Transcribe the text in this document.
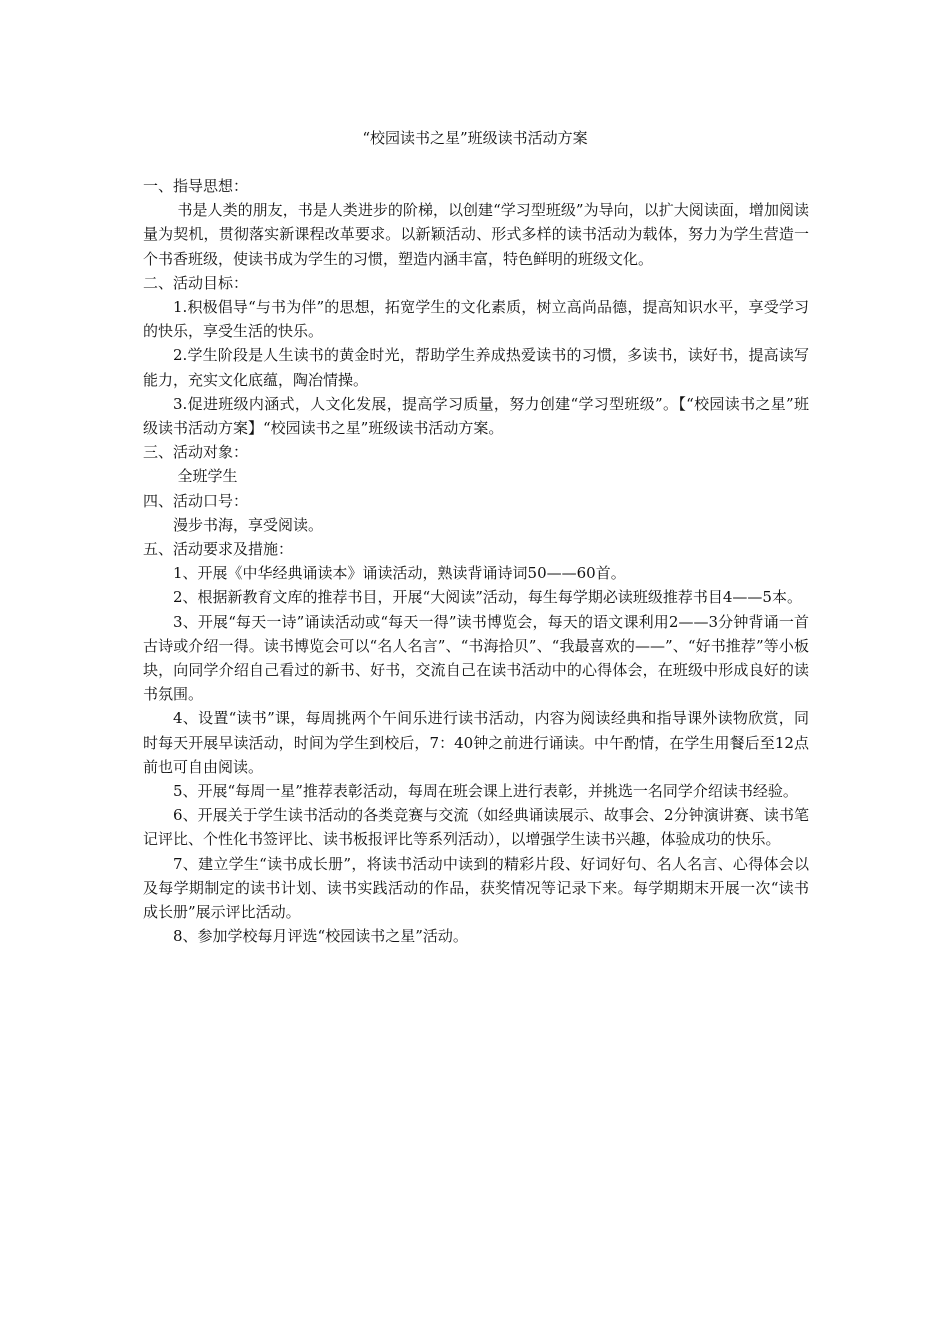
“校园读书之星”班级读书活动方案

一、指导思想：

书是人类的朋友，书是人类进步的阶梯，以创建“学习型班级”为导向，以扩大阅读面，增加阅读量为契机，贯彻落实新课程改革要求。以新颖活动、形式多样的读书活动为载体，努力为学生营造一个书香班级，使读书成为学生的习惯，塑造内涵丰富，特色鲜明的班级文化。

二、活动目标：

1.积极倡导“与书为伴”的思想，拓宽学生的文化素质，树立高尚品德，提高知识水平，享受学习的快乐，享受生活的快乐。

2.学生阶段是人生读书的黄金时光，帮助学生养成热爱读书的习惯，多读书，读好书，提高读写能力，充实文化底蕴，陶冶情操。

3.促进班级内涵式，人文化发展，提高学习质量，努力创建“学习型班级”。【“校园读书之星”班级读书活动方案】“校园读书之星”班级读书活动方案。

三、活动对象：

全班学生

四、活动口号：

漫步书海，享受阅读。

五、活动要求及措施：

1、开展《中华经典诵读本》诵读活动，熟读背诵诗词50——60首。

2、根据新教育文库的推荐书目，开展“大阅读”活动，每生每学期必读班级推荐书目4——5本。

3、开展“每天一诗”诵读活动或“每天一得”读书博览会，每天的语文课利用2——3分钟背诵一首古诗或介绍一得。读书博览会可以“名人名言”、“书海拾贝”、“我最喜欢的——”、“好书推荐”等小板块，向同学介绍自己看过的新书、好书，交流自己在读书活动中的心得体会，在班级中形成良好的读书氛围。

4、设置“读书”课，每周挑两个午间乐进行读书活动，内容为阅读经典和指导课外读物欣赏，同时每天开展早读活动，时间为学生到校后，7：40钟之前进行诵读。中午酌情，在学生用餐后至12点前也可自由阅读。

5、开展“每周一星”推荐表彰活动，每周在班会课上进行表彰，并挑选一名同学介绍读书经验。

6、开展关于学生读书活动的各类竞赛与交流（如经典诵读展示、故事会、2分钟演讲赛、读书笔记评比、个性化书签评比、读书板报评比等系列活动），以增强学生读书兴趣，体验成功的快乐。

7、建立学生“读书成长册”，将读书活动中读到的精彩片段、好词好句、名人名言、心得体会以及每学期制定的读书计划、读书实践活动的作品，获奖情况等记录下来。每学期期末开展一次“读书成长册”展示评比活动。

8、参加学校每月评选“校园读书之星”活动。
